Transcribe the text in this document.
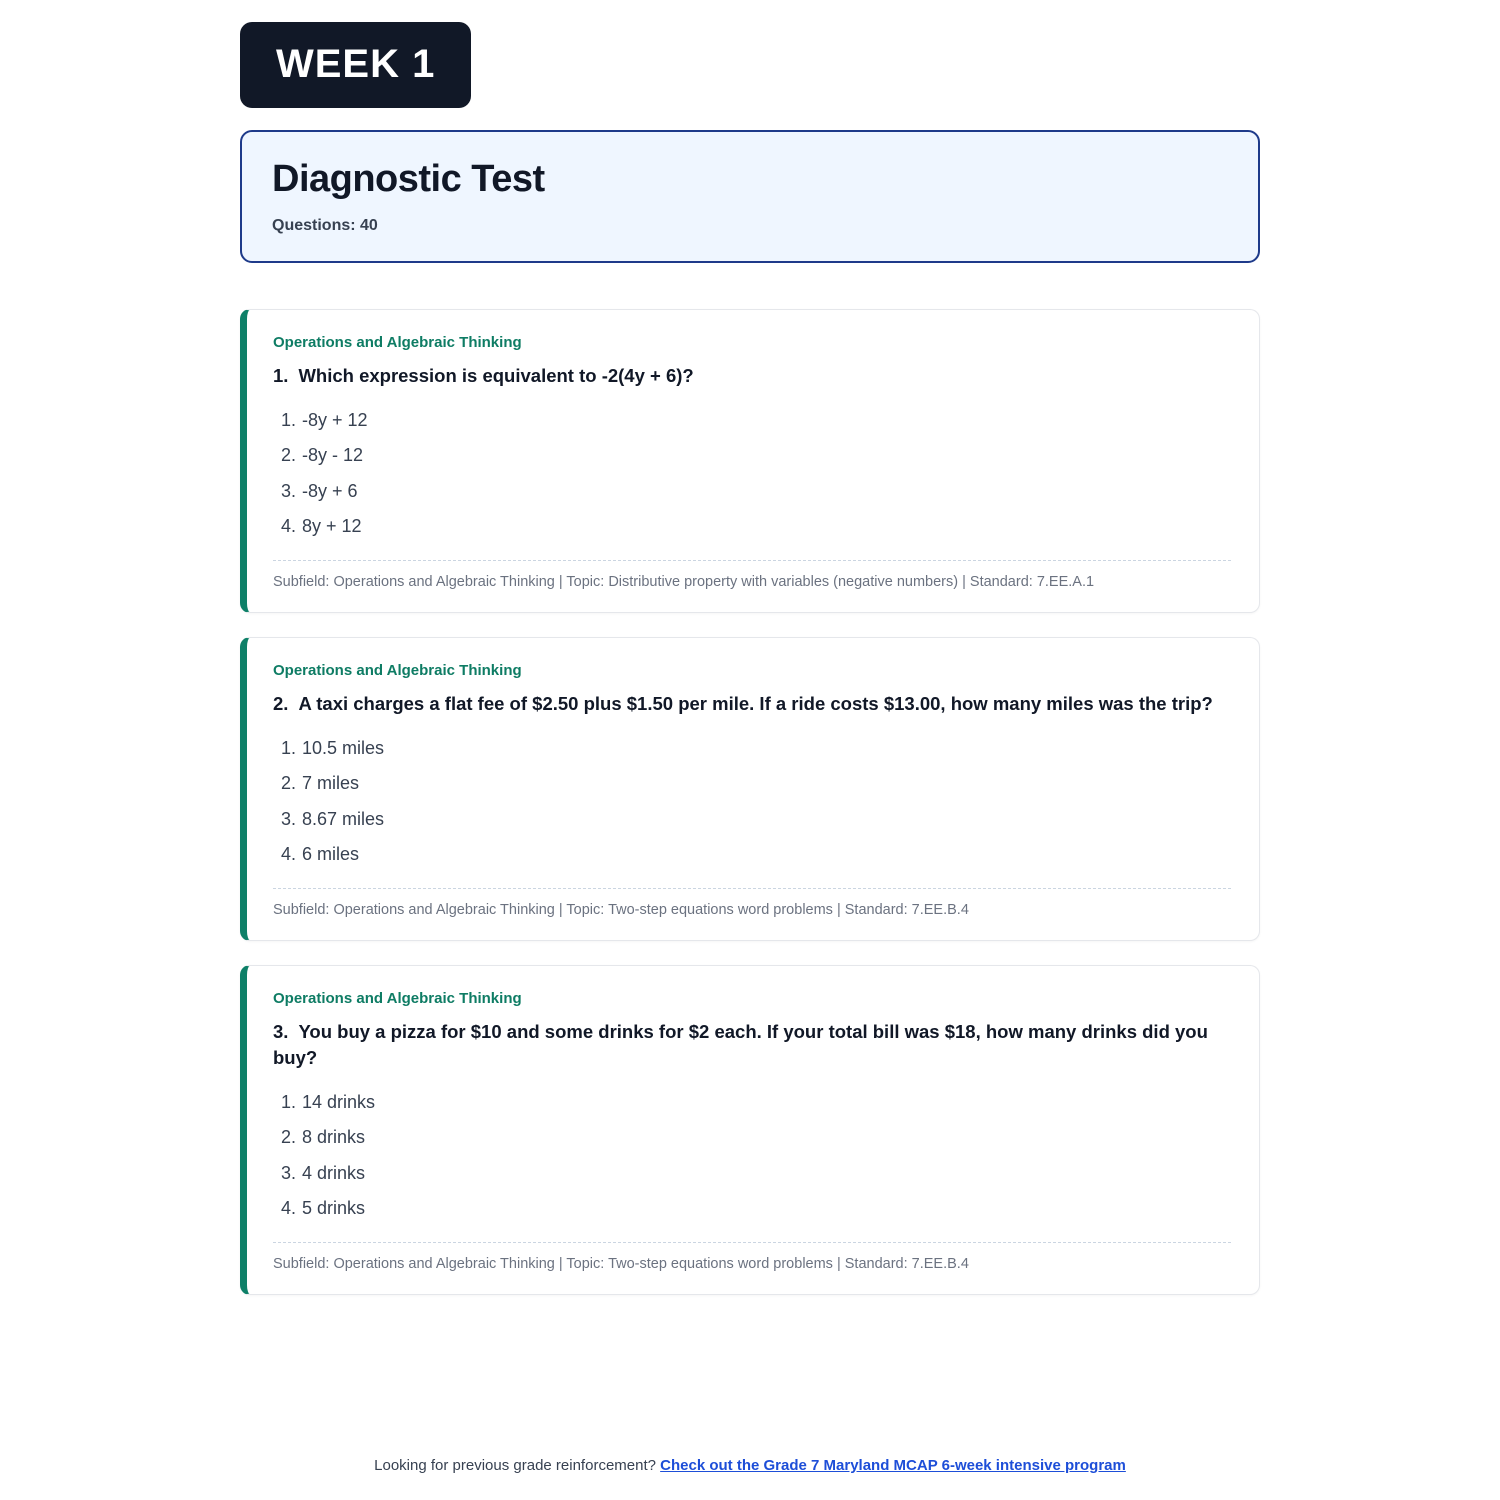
WEEK 1
Diagnostic Test
Questions: 40
Operations and Algebraic Thinking
1. Which expression is equivalent to -2(4y + 6)?
1. -8y + 12
2. -8y - 12
3. -8y + 6
4. 8y + 12
Subfield: Operations and Algebraic Thinking | Topic: Distributive property with variables (negative numbers) | Standard: 7.EE.A.1
Operations and Algebraic Thinking
2. A taxi charges a flat fee of $2.50 plus $1.50 per mile. If a ride costs $13.00, how many miles was the trip?
1. 10.5 miles
2. 7 miles
3. 8.67 miles
4. 6 miles
Subfield: Operations and Algebraic Thinking | Topic: Two-step equations word problems | Standard: 7.EE.B.4
Operations and Algebraic Thinking
3. You buy a pizza for $10 and some drinks for $2 each. If your total bill was $18, how many drinks did you buy?
1. 14 drinks
2. 8 drinks
3. 4 drinks
4. 5 drinks
Subfield: Operations and Algebraic Thinking | Topic: Two-step equations word problems | Standard: 7.EE.B.4
Looking for previous grade reinforcement? Check out the Grade 7 Maryland MCAP 6-week intensive program
